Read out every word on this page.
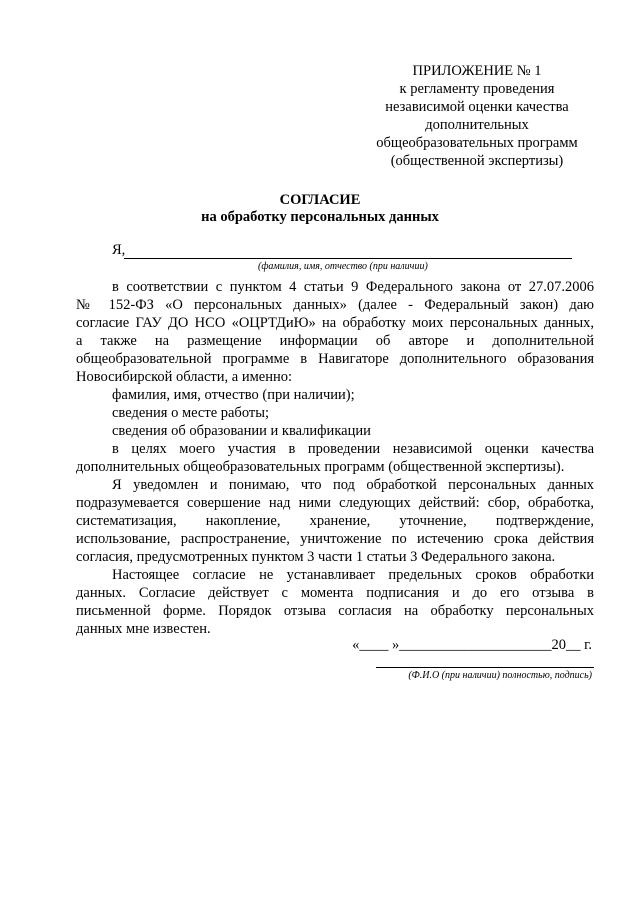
ПРИЛОЖЕНИЕ № 1
к регламенту проведения
независимой оценки качества
дополнительных
общеобразовательных программ
(общественной экспертизы)
СОГЛАСИЕ
на обработку персональных данных
Я,
(фамилия, имя, отчество (при наличии)
в соответствии с пунктом 4 статьи 9 Федерального закона от 27.07.2006
№ 152-ФЗ «О персональных данных» (далее - Федеральный закон) даю
согласие ГАУ ДО НСО «ОЦРТДиЮ» на обработку моих персональных данных,
а также на размещение информации об авторе и дополнительной
общеобразовательной программе в Навигаторе дополнительного образования
Новосибирской области, а именно:
фамилия, имя, отчество (при наличии);
сведения о месте работы;
сведения об образовании и квалификации
в целях моего участия в проведении независимой оценки качества
дополнительных общеобразовательных программ (общественной экспертизы).
Я уведомлен и понимаю, что под обработкой персональных данных
подразумевается совершение над ними следующих действий: сбор, обработка,
систематизация, накопление, хранение, уточнение, подтверждение,
использование, распространение, уничтожение по истечению срока действия
согласия, предусмотренных пунктом 3 части 1 статьи 3 Федерального закона.
Настоящее согласие не устанавливает предельных сроков обработки
данных. Согласие действует с момента подписания и до его отзыва в
письменной форме. Порядок отзыва согласия на обработку персональных
данных мне известен.
«____ »_____________________20__ г.
(Ф.И.О (при наличии) полностью, подпись)
